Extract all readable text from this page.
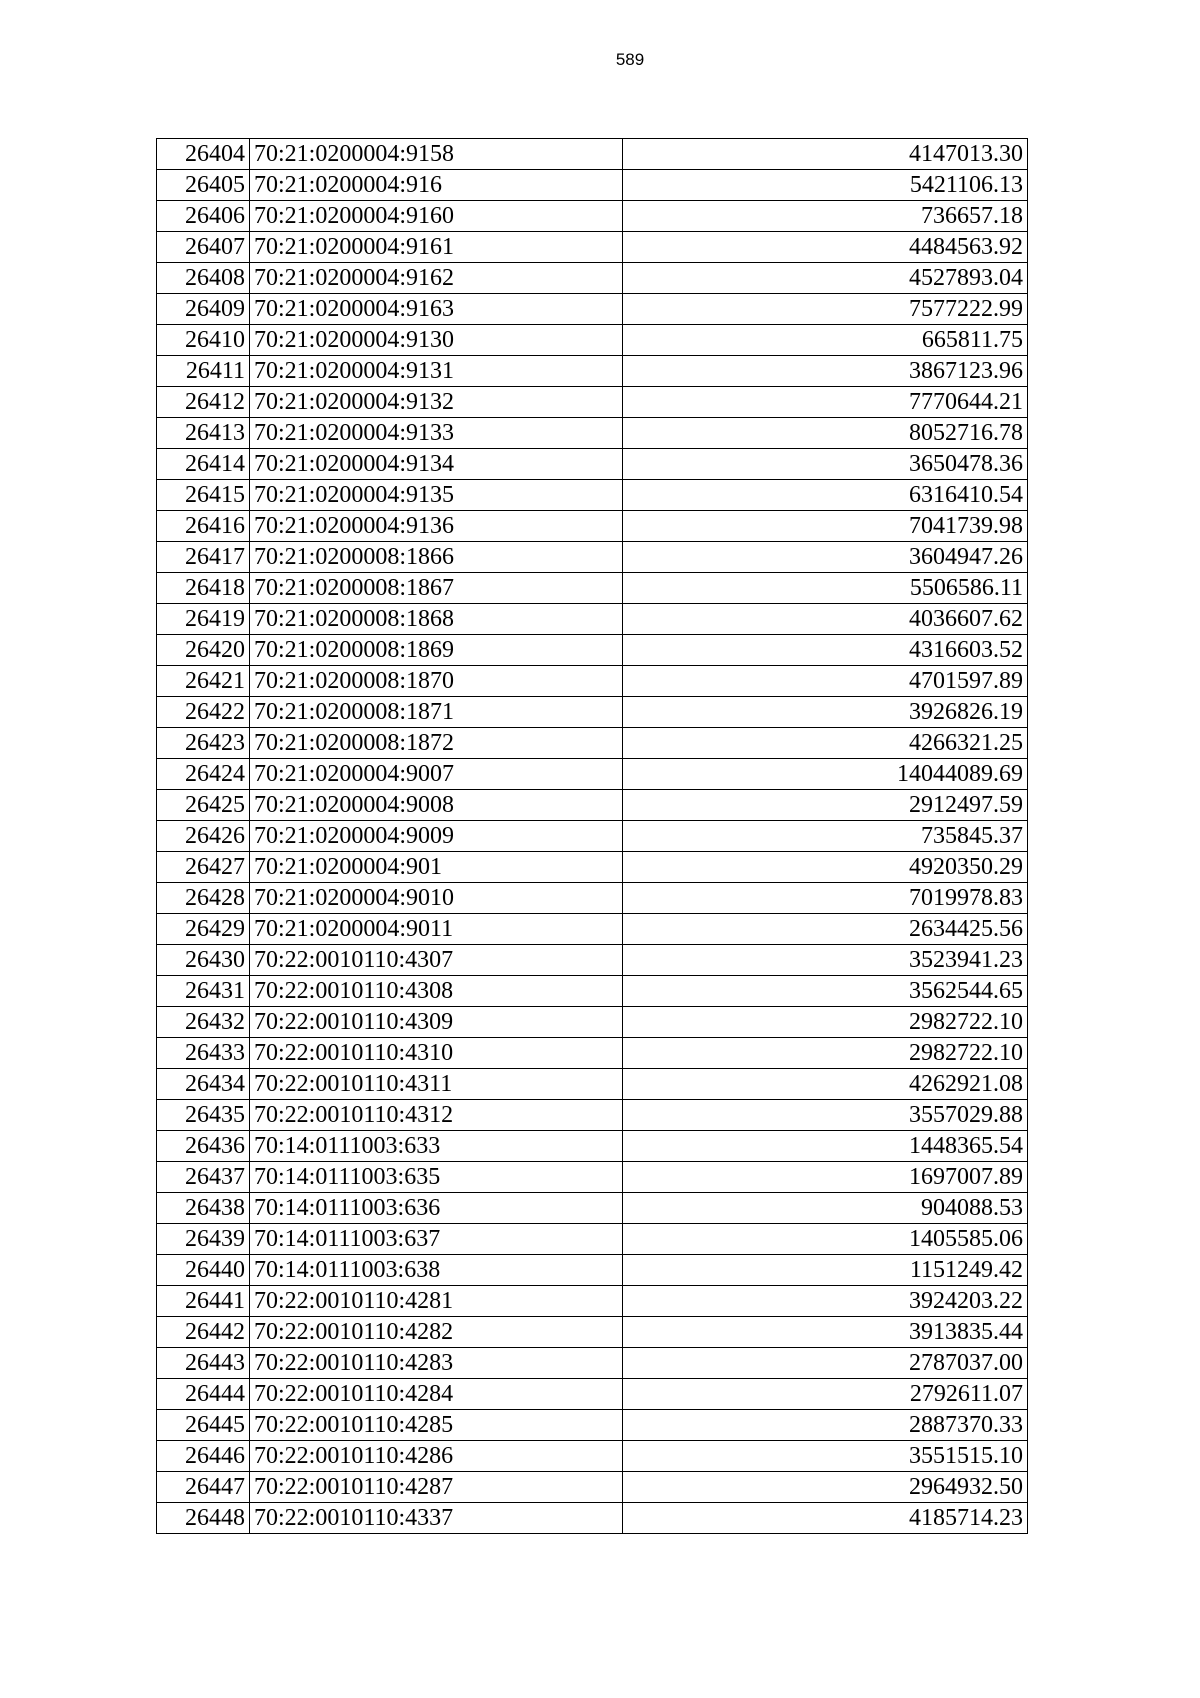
589
26404	70:21:0200004:9158	4147013.30
26405	70:21:0200004:916	5421106.13
26406	70:21:0200004:9160	736657.18
26407	70:21:0200004:9161	4484563.92
26408	70:21:0200004:9162	4527893.04
26409	70:21:0200004:9163	7577222.99
26410	70:21:0200004:9130	665811.75
26411	70:21:0200004:9131	3867123.96
26412	70:21:0200004:9132	7770644.21
26413	70:21:0200004:9133	8052716.78
26414	70:21:0200004:9134	3650478.36
26415	70:21:0200004:9135	6316410.54
26416	70:21:0200004:9136	7041739.98
26417	70:21:0200008:1866	3604947.26
26418	70:21:0200008:1867	5506586.11
26419	70:21:0200008:1868	4036607.62
26420	70:21:0200008:1869	4316603.52
26421	70:21:0200008:1870	4701597.89
26422	70:21:0200008:1871	3926826.19
26423	70:21:0200008:1872	4266321.25
26424	70:21:0200004:9007	14044089.69
26425	70:21:0200004:9008	2912497.59
26426	70:21:0200004:9009	735845.37
26427	70:21:0200004:901	4920350.29
26428	70:21:0200004:9010	7019978.83
26429	70:21:0200004:9011	2634425.56
26430	70:22:0010110:4307	3523941.23
26431	70:22:0010110:4308	3562544.65
26432	70:22:0010110:4309	2982722.10
26433	70:22:0010110:4310	2982722.10
26434	70:22:0010110:4311	4262921.08
26435	70:22:0010110:4312	3557029.88
26436	70:14:0111003:633	1448365.54
26437	70:14:0111003:635	1697007.89
26438	70:14:0111003:636	904088.53
26439	70:14:0111003:637	1405585.06
26440	70:14:0111003:638	1151249.42
26441	70:22:0010110:4281	3924203.22
26442	70:22:0010110:4282	3913835.44
26443	70:22:0010110:4283	2787037.00
26444	70:22:0010110:4284	2792611.07
26445	70:22:0010110:4285	2887370.33
26446	70:22:0010110:4286	3551515.10
26447	70:22:0010110:4287	2964932.50
26448	70:22:0010110:4337	4185714.23
